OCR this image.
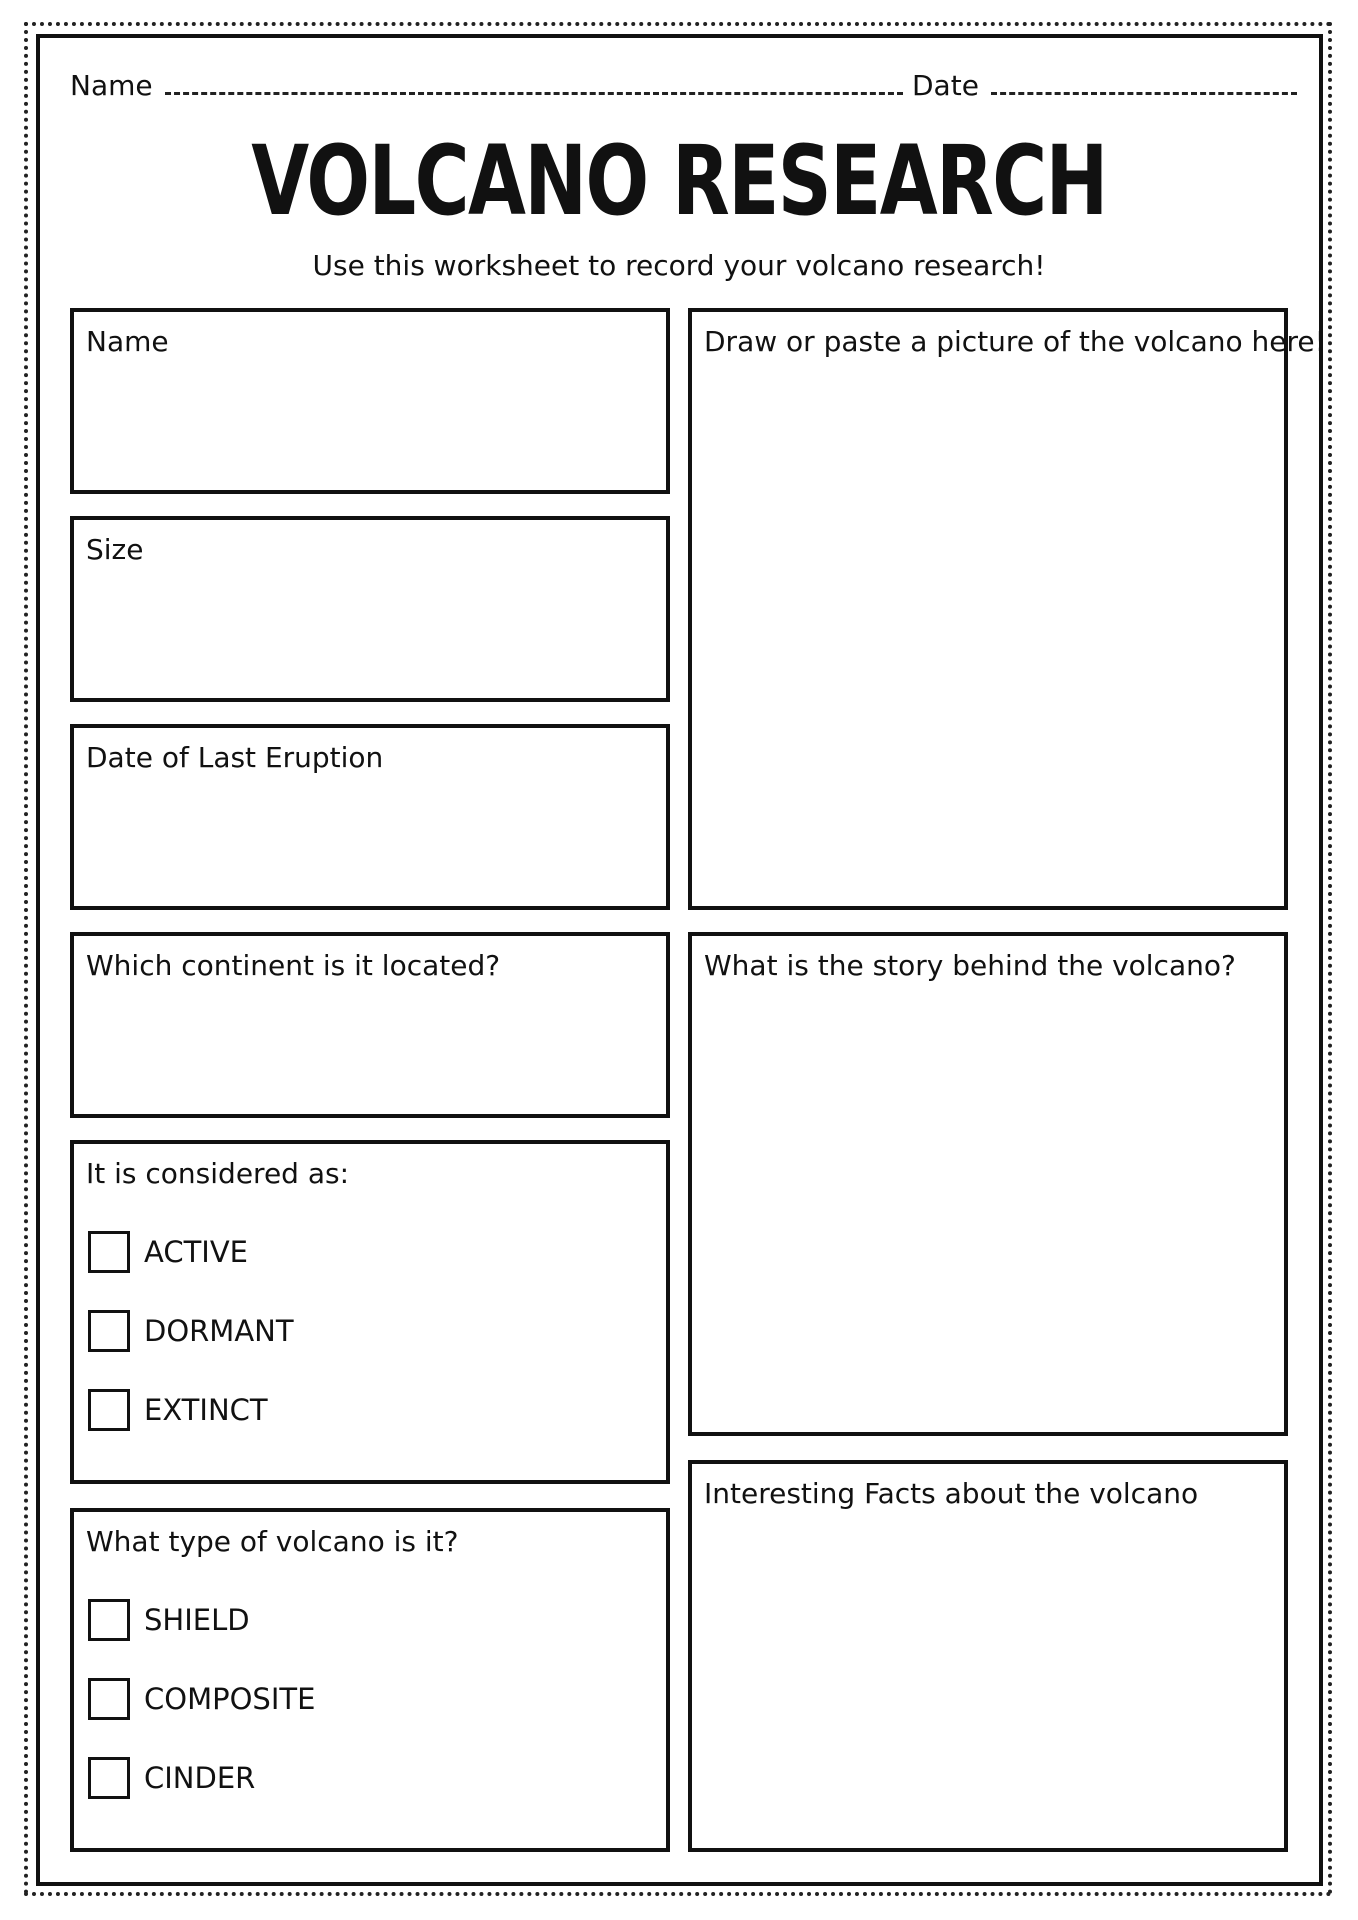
Name	Date
VOLCANO RESEARCH
Use this worksheet to record your volcano research!
Name
Size
Date of Last Eruption
Which continent is it located?
It is considered as:
ACTIVE
DORMANT
EXTINCT
What type of volcano is it?
SHIELD
COMPOSITE
CINDER
Draw or paste a picture of the volcano here!
What is the story behind the volcano?
Interesting Facts about the volcano
